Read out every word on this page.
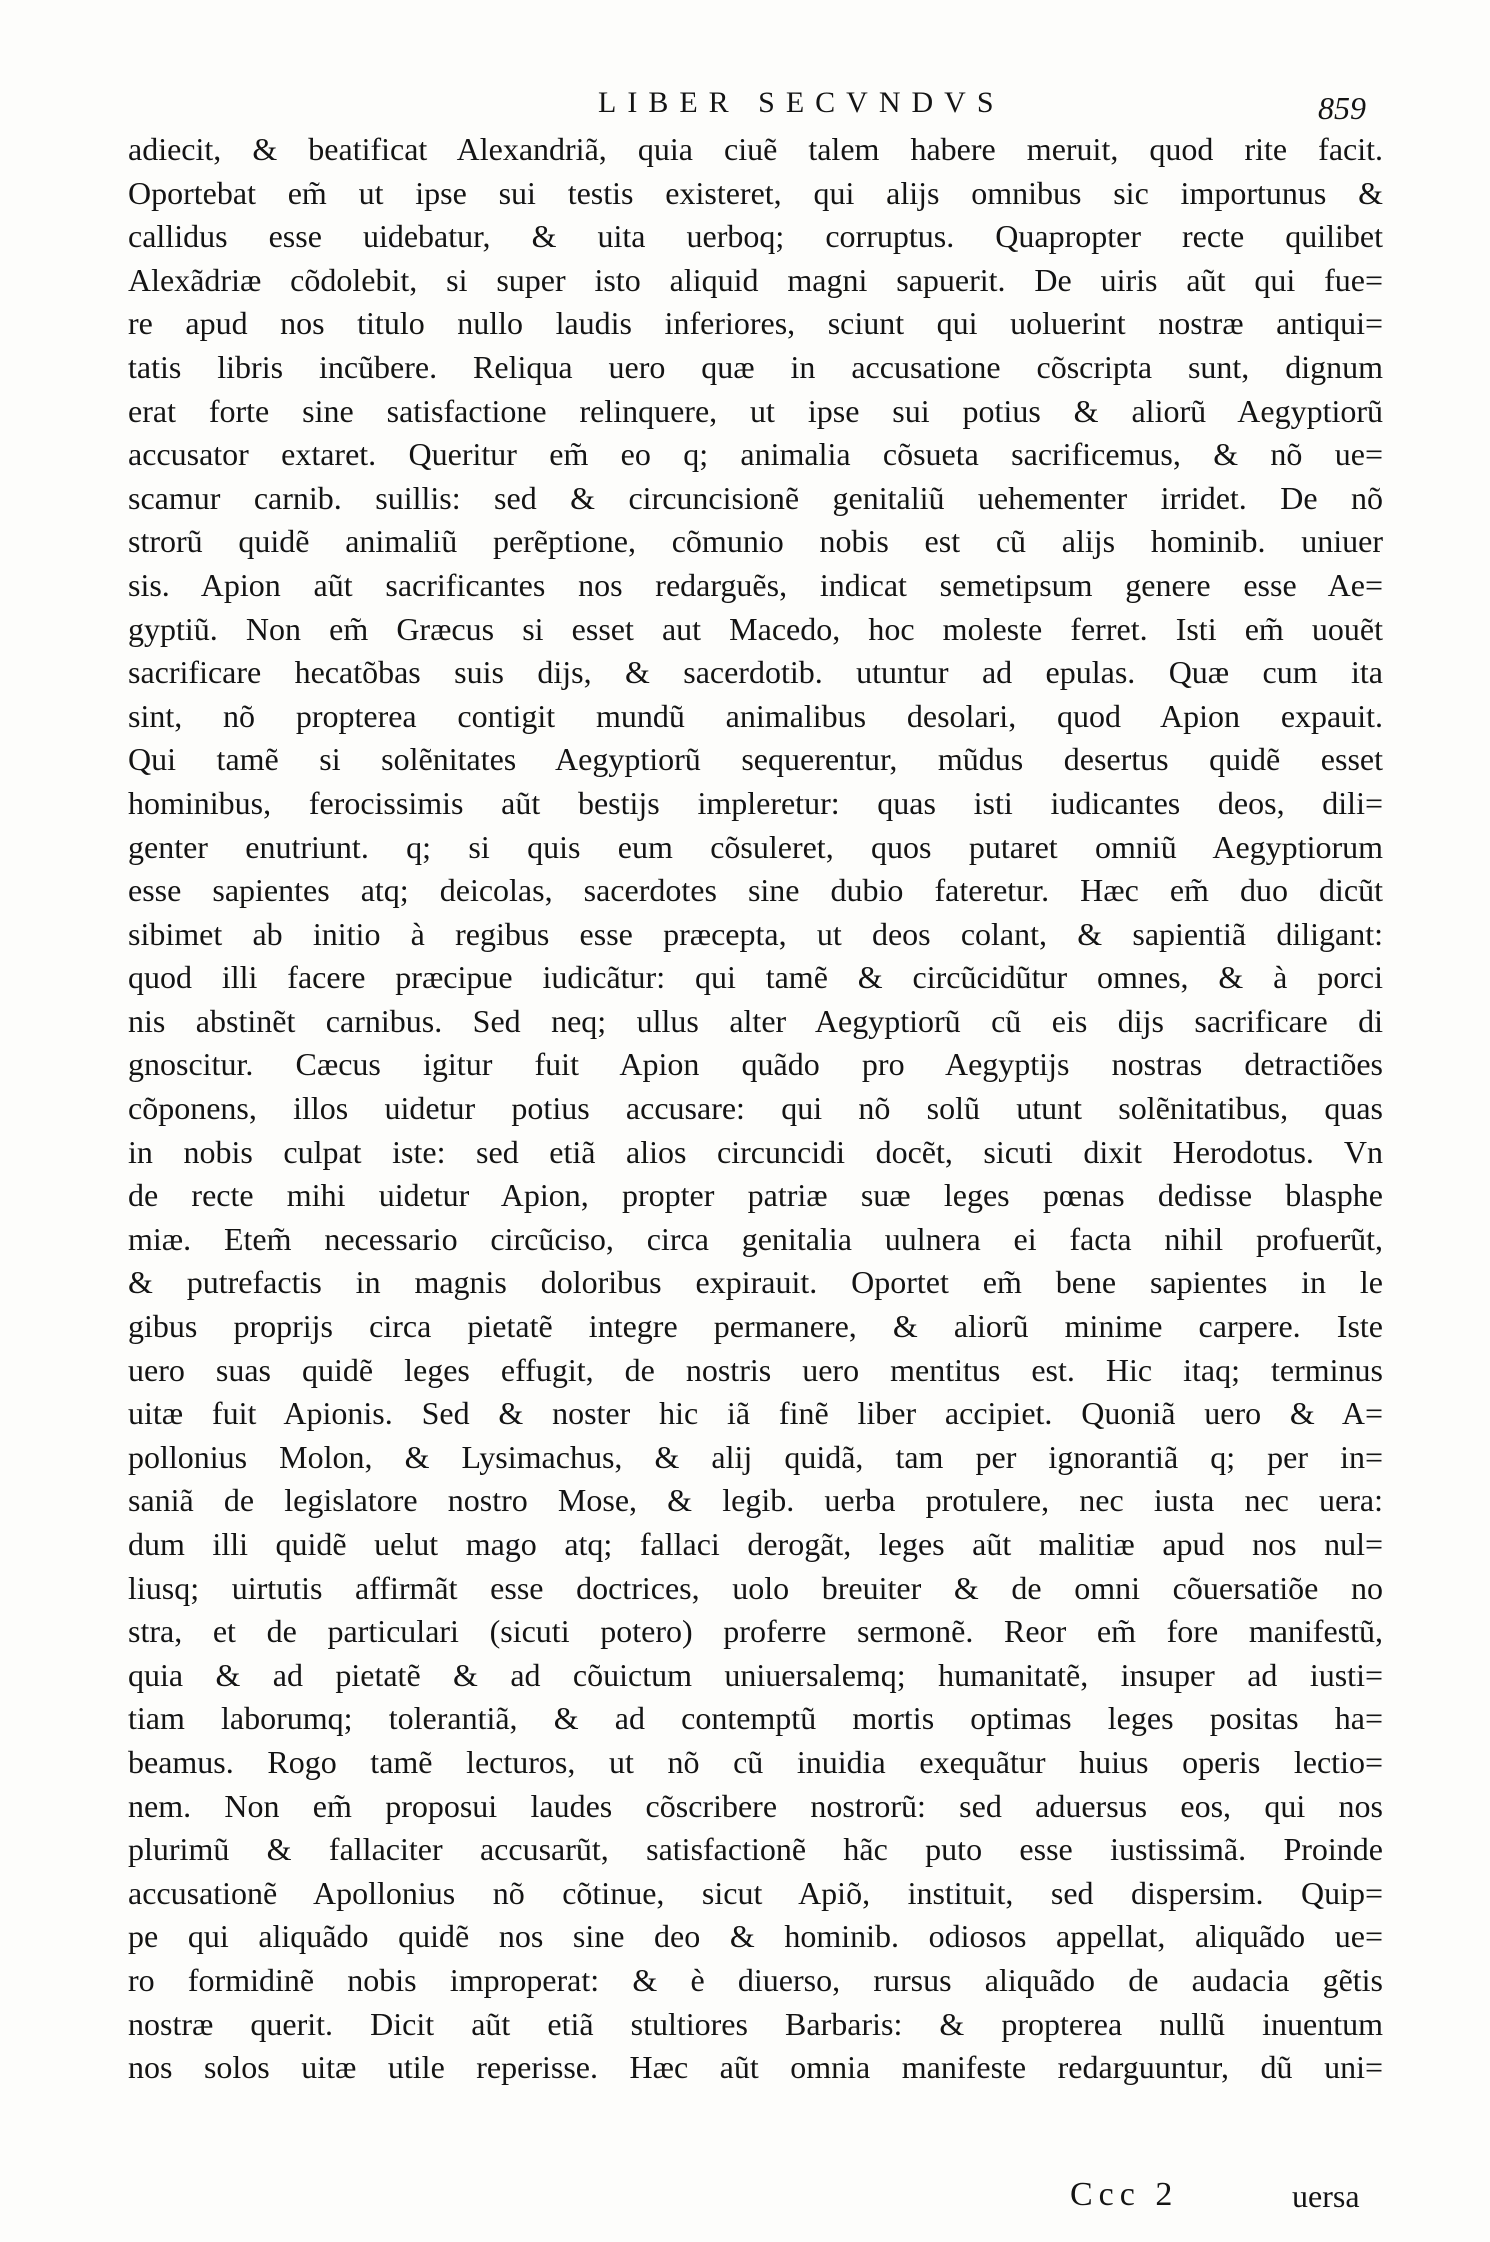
LIBER SECVNDVS	859
adiecit, & beatificat Alexandriã, quia ciuẽ talem habere meruit, quod rite facit.
Oportebat em̃ ut ipse sui testis existeret, qui alijs omnibus sic importunus &
callidus esse uidebatur, & uita uerboq; corruptus. Quapropter recte quilibet
Alexãdriæ cõdolebit, si super isto aliquid magni sapuerit. De uiris aũt qui fue=
re apud nos titulo nullo laudis inferiores, sciunt qui uoluerint nostræ antiqui=
tatis libris incũbere. Reliqua uero quæ in accusatione cõscripta sunt, dignum
erat forte sine satisfactione relinquere, ut ipse sui potius & aliorũ Aegyptiorũ
accusator extaret. Queritur em̃ eo q; animalia cõsueta sacrificemus, & nõ ue=
scamur carnib. suillis: sed & circuncisionẽ genitaliũ uehementer irridet. De nõ
strorũ quidẽ animaliũ perẽptione, cõmunio nobis est cũ alijs hominib. uniuer
sis. Apion aũt sacrificantes nos redarguẽs, indicat semetipsum genere esse Ae=
gyptiũ. Non em̃ Græcus si esset aut Macedo, hoc moleste ferret. Isti em̃ uouẽt
sacrificare hecatõbas suis dijs, & sacerdotib. utuntur ad epulas. Quæ cum ita
sint, nõ propterea contigit mundũ animalibus desolari, quod Apion expauit.
Qui tamẽ si solẽnitates Aegyptiorũ sequerentur, mũdus desertus quidẽ esset
hominibus, ferocissimis aũt bestijs impleretur: quas isti iudicantes deos, dili=
genter enutriunt. q; si quis eum cõsuleret, quos putaret omniũ Aegyptiorum
esse sapientes atq; deicolas, sacerdotes sine dubio fateretur. Hæc em̃ duo dicũt
sibimet ab initio à regibus esse præcepta, ut deos colant, & sapientiã diligant:
quod illi facere præcipue iudicãtur: qui tamẽ & circũcidũtur omnes, & à porci
nis abstinẽt carnibus. Sed neq; ullus alter Aegyptiorũ cũ eis dijs sacrificare di
gnoscitur. Cæcus igitur fuit Apion quãdo pro Aegyptijs nostras detractiões
cõponens, illos uidetur potius accusare: qui nõ solũ utunt solẽnitatibus, quas
in nobis culpat iste: sed etiã alios circuncidi docẽt, sicuti dixit Herodotus. Vn
de recte mihi uidetur Apion, propter patriæ suæ leges pœnas dedisse blasphe
miæ. Etem̃ necessario circũciso, circa genitalia uulnera ei facta nihil profuerũt,
& putrefactis in magnis doloribus expirauit. Oportet em̃ bene sapientes in le
gibus proprijs circa pietatẽ integre permanere, & aliorũ minime carpere. Iste
uero suas quidẽ leges effugit, de nostris uero mentitus est. Hic itaq; terminus
uitæ fuit Apionis. Sed & noster hic iã finẽ liber accipiet. Quoniã uero & A=
pollonius Molon, & Lysimachus, & alij quidã, tam per ignorantiã q; per in=
saniã de legislatore nostro Mose, & legib. uerba protulere, nec iusta nec uera:
dum illi quidẽ uelut mago atq; fallaci derogãt, leges aũt malitiæ apud nos nul=
liusq; uirtutis affirmãt esse doctrices, uolo breuiter & de omni cõuersatiõe no
stra, et de particulari (sicuti potero) proferre sermonẽ. Reor em̃ fore manifestũ,
quia & ad pietatẽ & ad cõuictum uniuersalemq; humanitatẽ, insuper ad iusti=
tiam laborumq; tolerantiã, & ad contemptũ mortis optimas leges positas ha=
beamus. Rogo tamẽ lecturos, ut nõ cũ inuidia exequãtur huius operis lectio=
nem. Non em̃ proposui laudes cõscribere nostrorũ: sed aduersus eos, qui nos
plurimũ & fallaciter accusarũt, satisfactionẽ hãc puto esse iustissimã. Proinde
accusationẽ Apollonius nõ cõtinue, sicut Apiõ, instituit, sed dispersim. Quip=
pe qui aliquãdo quidẽ nos sine deo & hominib. odiosos appellat, aliquãdo ue=
ro formidinẽ nobis improperat: & è diuerso, rursus aliquãdo de audacia gẽtis
nostræ querit. Dicit aũt etiã stultiores Barbaris: & propterea nullũ inuentum
nos solos uitæ utile reperisse. Hæc aũt omnia manifeste redarguuntur, dũ uni=
Ccc 2	uersa
